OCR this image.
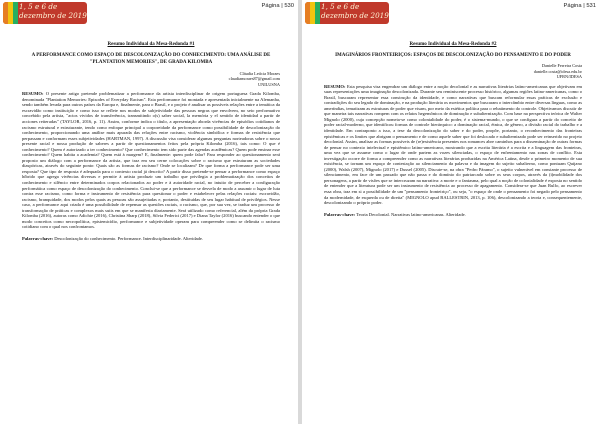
1, 5 e 6 de
dezembro de 2019
Página | 530
Resumo Individual da Mesa-Redonda #1
A PERFORMANCE COMO ESPAÇO DE DESCOLONIZAÇÃO DO CONHECIMENTO: UMA ANÁLISE DE "PLANTATION MEMORIES", DE GRADA KILOMBA
Cláudia Letícia Moraes
claudiamoraes87@gmail.com
UNILUSNA
RESUMO: O presente artigo pretende problematizar a performance da artista interdisciplinar de origem portuguesa Grada Kilomba, denominada "Plantation Memories: Episodes of Everyday Racism". Esta performance foi montada e apresentada inicialmente na Alemanha, sendo também levada para outros países da Europa e, finalmente, para o Brasil, e o projeto é analisar as possíveis relações entre a temática da escravidão como instituição e como isso se reflete nos modos de subjetividade das pessoas negras que envolvem, no seio performativo concebido pela artista, "actos vividos de transferência, transmitindo o(s) saber social, la memória y el sentido de identidad a partir de acciones reiteradas" (TAYLOR, 2016, p. 11). Assim, conforme indica o título, a apresentação aborda vivências de episódios cotidianos de racismo estrutural e estruturante, tendo como enfoque principal a corporeidade da performance como possibilidade de descolonização do conhecimento, proporcionando uma análise mais apurada das relações entre racismo, violência simbólica e formas de resistência que perpassam e conformam esses subjetividades (HARTMAN, 1997). A discussão visa considerar algumas perguntas norteadoras sobre o nosso presente racial e nossa produção de saberes a partir de questionamentos feitos pela própria Kilomba (2016), tais como: O que é conhecimento? Quem é autorizado a ter conhecimento? Que conhecimento tem sido parte das agendas acadêmicas? Quem pode ensinar esse conhecimento? Quem habita a academia? Quem está à margem? E, finalmente: quem pode falar? Para responder ao questionamento será proposto um diálogo com a performance da artista, que traz em seu cerne colocações sobre o racismo que estruturam as sociedades diaspóricas, através do seguinte ponto: Quais são as formas de racismo? Onde se localizam? De que forma a performance pode ser uma resposta? Que tipo de resposta é adequada para o contexto racial já descrito? A partir disso pretende-se pensar a performance como espaço híbrido que agrega vivências diversas e permite à artista produzir um trabalho que privilegia a problematização dos conceitos de conhecimento e silêncio entre determinados corpos relacionados ao poder e à autoridade racial, no intuito de perceber a configuração performática como espaço de descolonização do conhecimento. Conclui-se que a performance se desvela de modo a assumir o lugar de luta contra esse racismo, como forma e instrumento de resistência para questionar o poder e estabelecer pelas relações raciais: escravidão, racismo, branquidade, dos modos pelos quais as pessoas são assujeitadas e, portanto, destituídas de seu lugar habitual de privilégios. Nesse caso, a performance aqui criada é uma possibilidade de repensar as questões raciais, o racismo, que, por sua vez, se traduz um processo de transformação de práticas e complexos mais sutis em que se manifesta diariamente. Será utilizado como referencial, além da própria Grada Kilomba (2016), autoras como Adichie (2016), Christina Sharp (2018), Silvia Federici (2017) e Diana Taylor (2016) buscando entender o que modo conceitos como necropolítica, epistemicídio, performance e subjetividade operam para compreender como se delimita o racismo cotidiano com o qual nos confrontamos.
Palavras-chave: Descolonização do conhecimento. Performance. Interdisciplinaridade. Alteridade.
1, 5 e 6 de
dezembro de 2019
Página | 531
Resumo Individual da Mesa-Redonda #2
IMAGINÁRIOS FRONTEIRIÇOS: ESPAÇOS DE DESCOLONIZAÇÃO DO PENSAMENTO E DO PODER
Danielle Ferreira Costa
danielle.costa@idesa.edu.br
UFRN/IDESA
RESUMO: Esta pesquisa visa engendrar um diálogo entre a noção decolonial e as narrativas literárias latino-americanas que objetivam em suas representações uma imaginação descolonizada. Durante seu reminiscente processo histórico, algumas regiões latino-americanas, como o Brasil, buscaram representar essa construção da identidade, e como narrativas que buscam reformular essas práticas de exclusão e contradições do seu legado de dominação, e na produção literária os movimentos que buscaram o intercâmbio entre diversas línguas, como as ameríndias, tematizam as estruturas de poder que visam, por meio da estética política para o rebatimento do controle. Objetivamos discutir de que maneira tais narrativas rompem com os relatos hegemônicos de dominação e subalternização. Com base na perspectiva teórica de Walter Mignolo (2000), cuja concepção nomeia-se como colonialidade do poder, é o sistema-mundo, o que se configura a partir do conceito de poder racial-moderno, que identificou formas de controle hierárquico: a dominação racial, étnica, de gênero, a divisão racial do trabalho e a identidade. Em contraponto a isso, a tese da descolonização do saber e do poder, propõe, portanto, o reconhecimento das fronteiras epistêmicas e os limites que abrigam o pensamento e de como aquele saber que foi deslocado e subalternizado pode ser reinserido no projeto decolonial. Assim, analisar as formas possíveis de (re)existência presentes nos romances abre caminhos para a disseminação de outras formas de pensar no contexto intelectual e epistêmico latino-americano, mostrando que a escrita literária é a escrita e a linguagem das fronteiras, uma vez que se assume como o lugar de onde partem as vozes silenciadas, o espaço de enfrentamento nas zonas de conflito. Esta investigação ocorre de forma a compreender como as narrativas literárias produzidas na América Latina, desde o primeiro momento de sua existência, se tornam um espaço de contestação ao silenciamento da palavra e da imagem do sujeito subalterno, como pontuam Quijano (2000), Walsh (2007), Mignolo (2017) e Dussel (2005). Discute-se, na obra "Pedro Páramo", o sujeito vulnerável em constante processo de silenciamento, em face de um passado que não passa e do domínio do patriarcado sobre os seus corpos, através da (i)mobilidade dos personagens, a partir de visões que se intercruzam na narrativa: a morte e o fantasma, pelo qual a noção de colonialidade é exposta no sentido de entender que a literatura pode ser um instrumento de resistência ao processo de apagamento. Considera-se que Juan Rulfo, ao escrever essa obra, traz em si a possibilidade de um "pensamento fronteiriço", ou seja, "o espaço de onde o pensamento foi negado pelo pensamento da modernidade, de esquerda ou de direita" (MIGNOLO apud BALLESTRIN, 2013, p. 106), descolonizando a teoria e, consequentemente, descolonizando o próprio poder.
Palavras-chave: Teoria Decolonial. Narrativas latino-americanas. Alteridade.
